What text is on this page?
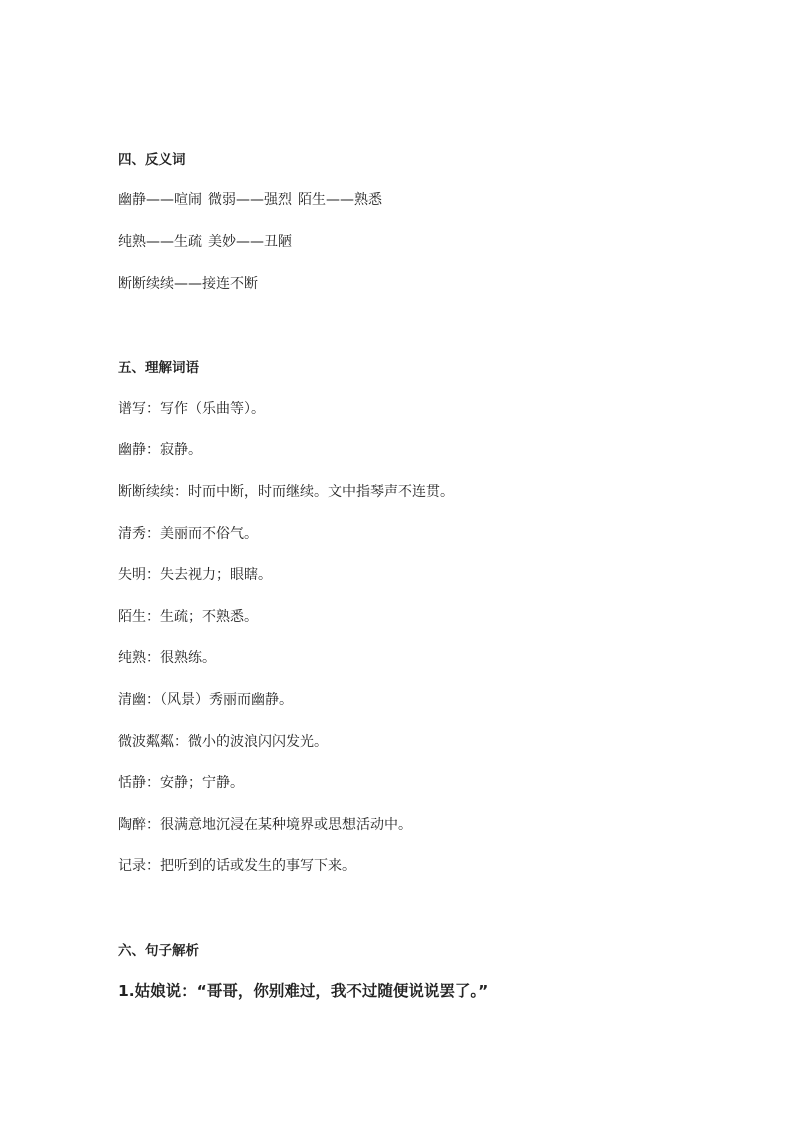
四、反义词
幽静——喧闹 微弱——强烈 陌生——熟悉
纯熟——生疏 美妙——丑陋
断断续续——接连不断
五、理解词语
谱写：写作（乐曲等）。
幽静：寂静。
断断续续：时而中断，时而继续。文中指琴声不连贯。
清秀：美丽而不俗气。
失明：失去视力；眼瞎。
陌生：生疏；不熟悉。
纯熟：很熟练。
清幽：（风景）秀丽而幽静。
微波粼粼：微小的波浪闪闪发光。
恬静：安静；宁静。
陶醉：很满意地沉浸在某种境界或思想活动中。
记录：把听到的话或发生的事写下来。
六、句子解析
1.姑娘说：“哥哥，你别难过，我不过随便说说罢了。”
